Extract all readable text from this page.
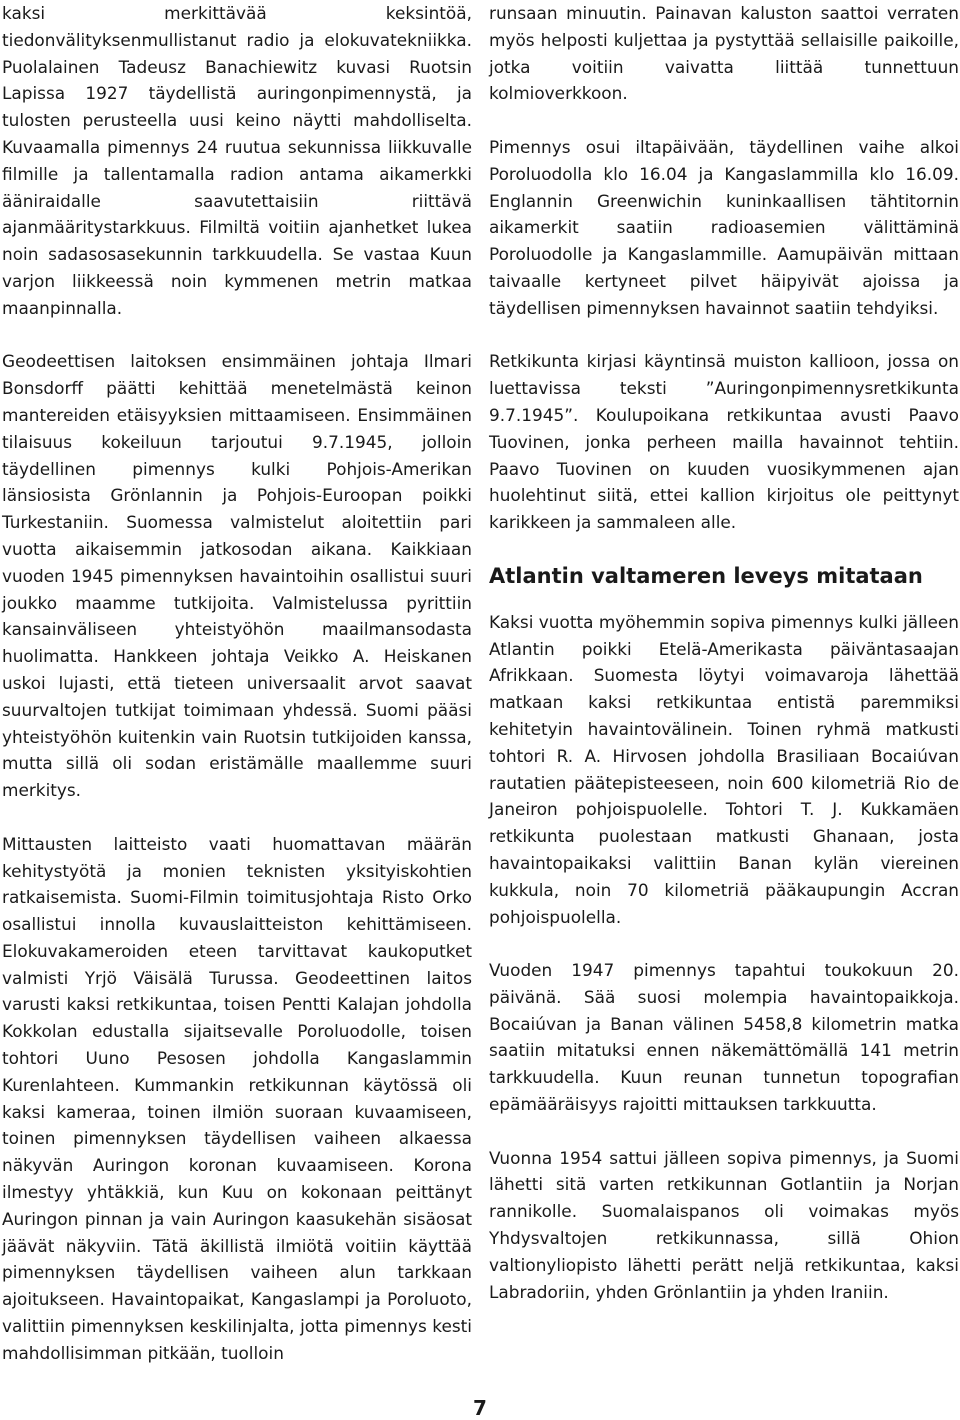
kaksi merkittävää keksintöä, tiedonvälityksenmullistanut radio ja elokuvatekniikka. Puolalainen Tadeusz Banachiewitz kuvasi Ruotsin Lapissa 1927 täydellistä auringonpimennystä, ja tulosten perusteella uusi keino näytti mahdolliselta. Kuvaamalla pimennys 24 ruutua sekunnissa liikkuvalle filmille ja tallentamalla radion antama aikamerkki ääniraidalle saavutettaisiin riittävä ajanmääritystarkkuus. Filmiltä voitiin ajanhetket lukea noin sadasosasekunnin tarkkuudella. Se vastaa Kuun varjon liikkeessä noin kymmenen metrin matkaa maanpinnalla.

Geodeettisen laitoksen ensimmäinen johtaja Ilmari Bonsdorff päätti kehittää menetelmästä keinon mantereiden etäisyyksien mittaamiseen. Ensimmäinen tilaisuus kokeiluun tarjoutui 9.7.1945, jolloin täydellinen pimennys kulki Pohjois-Amerikan länsiosista Grönlannin ja Pohjois-Euroopan poikki Turkestaniin. Suomessa valmistelut aloitettiin pari vuotta aikaisemmin jatkosodan aikana. Kaikkiaan vuoden 1945 pimennyksen havaintoihin osallistui suuri joukko maamme tutkijoita. Valmistelussa pyrittiin kansainväliseen yhteistyöhön maailmansodasta huolimatta. Hankkeen johtaja Veikko A. Heiskanen uskoi lujasti, että tieteen universaalit arvot saavat suurvaltojen tutkijat toimimaan yhdessä. Suomi pääsi yhteistyöhön kuitenkin vain Ruotsin tutkijoiden kanssa, mutta sillä oli sodan eristämälle maallemme suuri merkitys.

Mittausten laitteisto vaati huomattavan määrän kehitystyötä ja monien teknisten yksityiskohtien ratkaisemista. Suomi-Filmin toimitusjohtaja Risto Orko osallistui innolla kuvauslaitteiston kehittämiseen. Elokuvakameroiden eteen tarvittavat kaukoputket valmisti Yrjö Väisälä Turussa. Geodeettinen laitos varusti kaksi retkikuntaa, toisen Pentti Kalajan johdolla Kokkolan edustalla sijaitsevalle Poroluodolle, toisen tohtori Uuno Pesosen johdolla Kangaslammin Kurenlahteen. Kummankin retkikunnan käytössä oli kaksi kameraa, toinen ilmiön suoraan kuvaamiseen, toinen pimennyksen täydellisen vaiheen alkaessa näkyvän Auringon koronan kuvaamiseen. Korona ilmestyy yhtäkkiä, kun Kuu on kokonaan peittänyt Auringon pinnan ja vain Auringon kaasukehän sisäosat jäävät näkyviin. Tätä äkillistä ilmiötä voitiin käyttää pimennyksen täydellisen vaiheen alun tarkkaan ajoitukseen. Havaintopaikat, Kangaslampi ja Poroluoto, valittiin pimennyksen keskilinjalta, jotta pimennys kesti mahdollisimman pitkään, tuolloin

runsaan minuutin. Painavan kaluston saattoi verraten myös helposti kuljettaa ja pystyttää sellaisille paikoille, jotka voitiin vaivatta liittää tunnettuun kolmioverkkoon.

Pimennys osui iltapäivään, täydellinen vaihe alkoi Poroluodolla klo 16.04 ja Kangaslammilla klo 16.09. Englannin Greenwichin kuninkaallisen tähtitornin aikamerkit saatiin radioasemien välittäminä Poroluodolle ja Kangaslammille. Aamupäivän mittaan taivaalle kertyneet pilvet häipyivät ajoissa ja täydellisen pimennyksen havainnot saatiin tehdyiksi.

Retkikunta kirjasi käyntinsä muiston kallioon, jossa on luettavissa teksti ”Auringonpimennysretkikunta 9.7.1945”. Koulupoikana retkikuntaa avusti Paavo Tuovinen, jonka perheen mailla havainnot tehtiin. Paavo Tuovinen on kuuden vuosikymmenen ajan huolehtinut siitä, ettei kallion kirjoitus ole peittynyt karikkeen ja sammaleen alle.

Atlantin valtameren leveys mitataan

Kaksi vuotta myöhemmin sopiva pimennys kulki jälleen Atlantin poikki Etelä-Amerikasta päiväntasaajan Afrikkaan. Suomesta löytyi voimavaroja lähettää matkaan kaksi retkikuntaa entistä paremmiksi kehitetyin havaintovälinein. Toinen ryhmä matkusti tohtori R. A. Hirvosen johdolla Brasiliaan Bocaiúvan rautatien päätepisteeseen, noin 600 kilometriä Rio de Janeiron pohjoispuolelle. Tohtori T. J. Kukkamäen retkikunta puolestaan matkusti Ghanaan, josta havaintopaikaksi valittiin Banan kylän viereinen kukkula, noin 70 kilometriä pääkaupungin Accran pohjoispuolella.

Vuoden 1947 pimennys tapahtui toukokuun 20. päivänä. Sää suosi molempia havaintopaikkoja. Bocaiúvan ja Banan välinen 5458,8 kilometrin matka saatiin mitatuksi ennen näkemättömällä 141 metrin tarkkuudella. Kuun reunan tunnetun topografian epämääräisyys rajoitti mittauksen tarkkuutta.

Vuonna 1954 sattui jälleen sopiva pimennys, ja Suomi lähetti sitä varten retkikunnan Gotlantiin ja Norjan rannikolle. Suomalaispanos oli voimakas myös Yhdysvaltojen retkikunnassa, sillä Ohion valtionyliopisto lähetti perätt neljä retkikuntaa, kaksi Labradoriin, yhden Grönlantiin ja yhden Iraniin.

7
